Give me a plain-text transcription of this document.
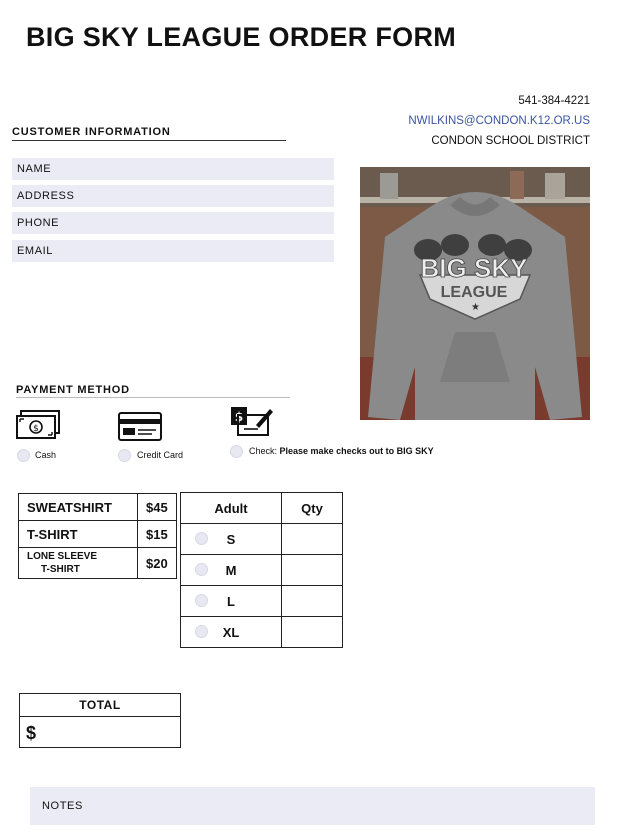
BIG SKY LEAGUE ORDER FORM
541-384-4221
NWILKINS@CONDON.K12.OR.US
CONDON SCHOOL DISTRICT
CUSTOMER INFORMATION
NAME
ADDRESS
PHONE
EMAIL
BIG SKY
LEAGUE
★
PAYMENT METHOD
$
Cash	Credit Card
$
Check: Please make checks out to BIG SKY
SWEATSHIRT	$45
T-SHIRT	$15

LONE SLEEVE
T-SHIRT	$20
Adult	Qty

S	

M	

L	

XL	
TOTAL
$
NOTES
